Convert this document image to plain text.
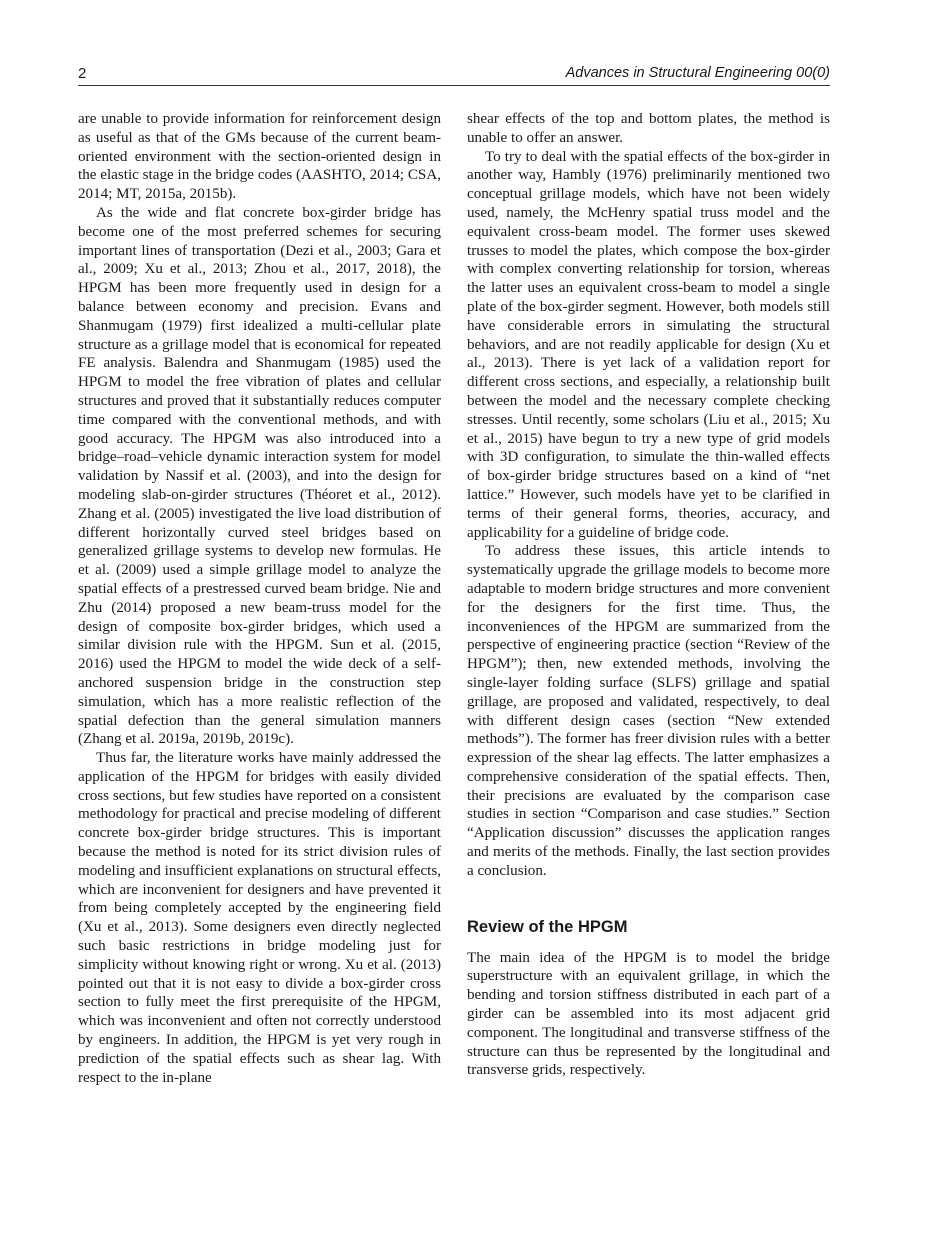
2	Advances in Structural Engineering 00(0)

are unable to provide information for reinforcement design as useful as that of the GMs because of the current beam-oriented environment with the section-oriented design in the elastic stage in the bridge codes (AASHTO, 2014; CSA, 2014; MT, 2015a, 2015b).

As the wide and flat concrete box-girder bridge has become one of the most preferred schemes for securing important lines of transportation (Dezi et al., 2003; Gara et al., 2009; Xu et al., 2013; Zhou et al., 2017, 2018), the HPGM has been more frequently used in design for a balance between economy and precision. Evans and Shanmugam (1979) first idealized a multi-cellular plate structure as a grillage model that is economical for repeated FE analysis. Balendra and Shanmugam (1985) used the HPGM to model the free vibration of plates and cellular structures and proved that it substantially reduces computer time compared with the conventional methods, and with good accuracy. The HPGM was also introduced into a bridge–road–vehicle dynamic interaction system for model validation by Nassif et al. (2003), and into the design for modeling slab-on-girder structures (Théoret et al., 2012). Zhang et al. (2005) investigated the live load distribution of different horizontally curved steel bridges based on generalized grillage systems to develop new formulas. He et al. (2009) used a simple grillage model to analyze the spatial effects of a prestressed curved beam bridge. Nie and Zhu (2014) proposed a new beam-truss model for the design of composite box-girder bridges, which used a similar division rule with the HPGM. Sun et al. (2015, 2016) used the HPGM to model the wide deck of a self-anchored suspension bridge in the construction step simulation, which has a more realistic reflection of the spatial defection than the general simulation manners (Zhang et al. 2019a, 2019b, 2019c).

Thus far, the literature works have mainly addressed the application of the HPGM for bridges with easily divided cross sections, but few studies have reported on a consistent methodology for practical and precise modeling of different concrete box-girder bridge structures. This is important because the method is noted for its strict division rules of modeling and insufficient explanations on structural effects, which are inconvenient for designers and have prevented it from being completely accepted by the engineering field (Xu et al., 2013). Some designers even directly neglected such basic restrictions in bridge modeling just for simplicity without knowing right or wrong. Xu et al. (2013) pointed out that it is not easy to divide a box-girder cross section to fully meet the first prerequisite of the HPGM, which was inconvenient and often not correctly understood by engineers. In addition, the HPGM is yet very rough in prediction of the spatial effects such as shear lag. With respect to the in-plane

shear effects of the top and bottom plates, the method is unable to offer an answer.

To try to deal with the spatial effects of the box-girder in another way, Hambly (1976) preliminarily mentioned two conceptual grillage models, which have not been widely used, namely, the McHenry spatial truss model and the equivalent cross-beam model. The former uses skewed trusses to model the plates, which compose the box-girder with complex converting relationship for torsion, whereas the latter uses an equivalent cross-beam to model a single plate of the box-girder segment. However, both models still have considerable errors in simulating the structural behaviors, and are not readily applicable for design (Xu et al., 2013). There is yet lack of a validation report for different cross sections, and especially, a relationship built between the model and the necessary complete checking stresses. Until recently, some scholars (Liu et al., 2015; Xu et al., 2015) have begun to try a new type of grid models with 3D configuration, to simulate the thin-walled effects of box-girder bridge structures based on a kind of “net lattice.” However, such models have yet to be clarified in terms of their general forms, theories, accuracy, and applicability for a guideline of bridge code.

To address these issues, this article intends to systematically upgrade the grillage models to become more adaptable to modern bridge structures and more convenient for the designers for the first time. Thus, the inconveniences of the HPGM are summarized from the perspective of engineering practice (section “Review of the HPGM”); then, new extended methods, involving the single-layer folding surface (SLFS) grillage and spatial grillage, are proposed and validated, respectively, to deal with different design cases (section “New extended methods”). The former has freer division rules with a better expression of the shear lag effects. The latter emphasizes a comprehensive consideration of the spatial effects. Then, their precisions are evaluated by the comparison case studies in section “Comparison and case studies.” Section “Application discussion” discusses the application ranges and merits of the methods. Finally, the last section provides a conclusion.

Review of the HPGM

The main idea of the HPGM is to model the bridge superstructure with an equivalent grillage, in which the bending and torsion stiffness distributed in each part of a girder can be assembled into its most adjacent grid component. The longitudinal and transverse stiffness of the structure can thus be represented by the longitudinal and transverse grids, respectively.
